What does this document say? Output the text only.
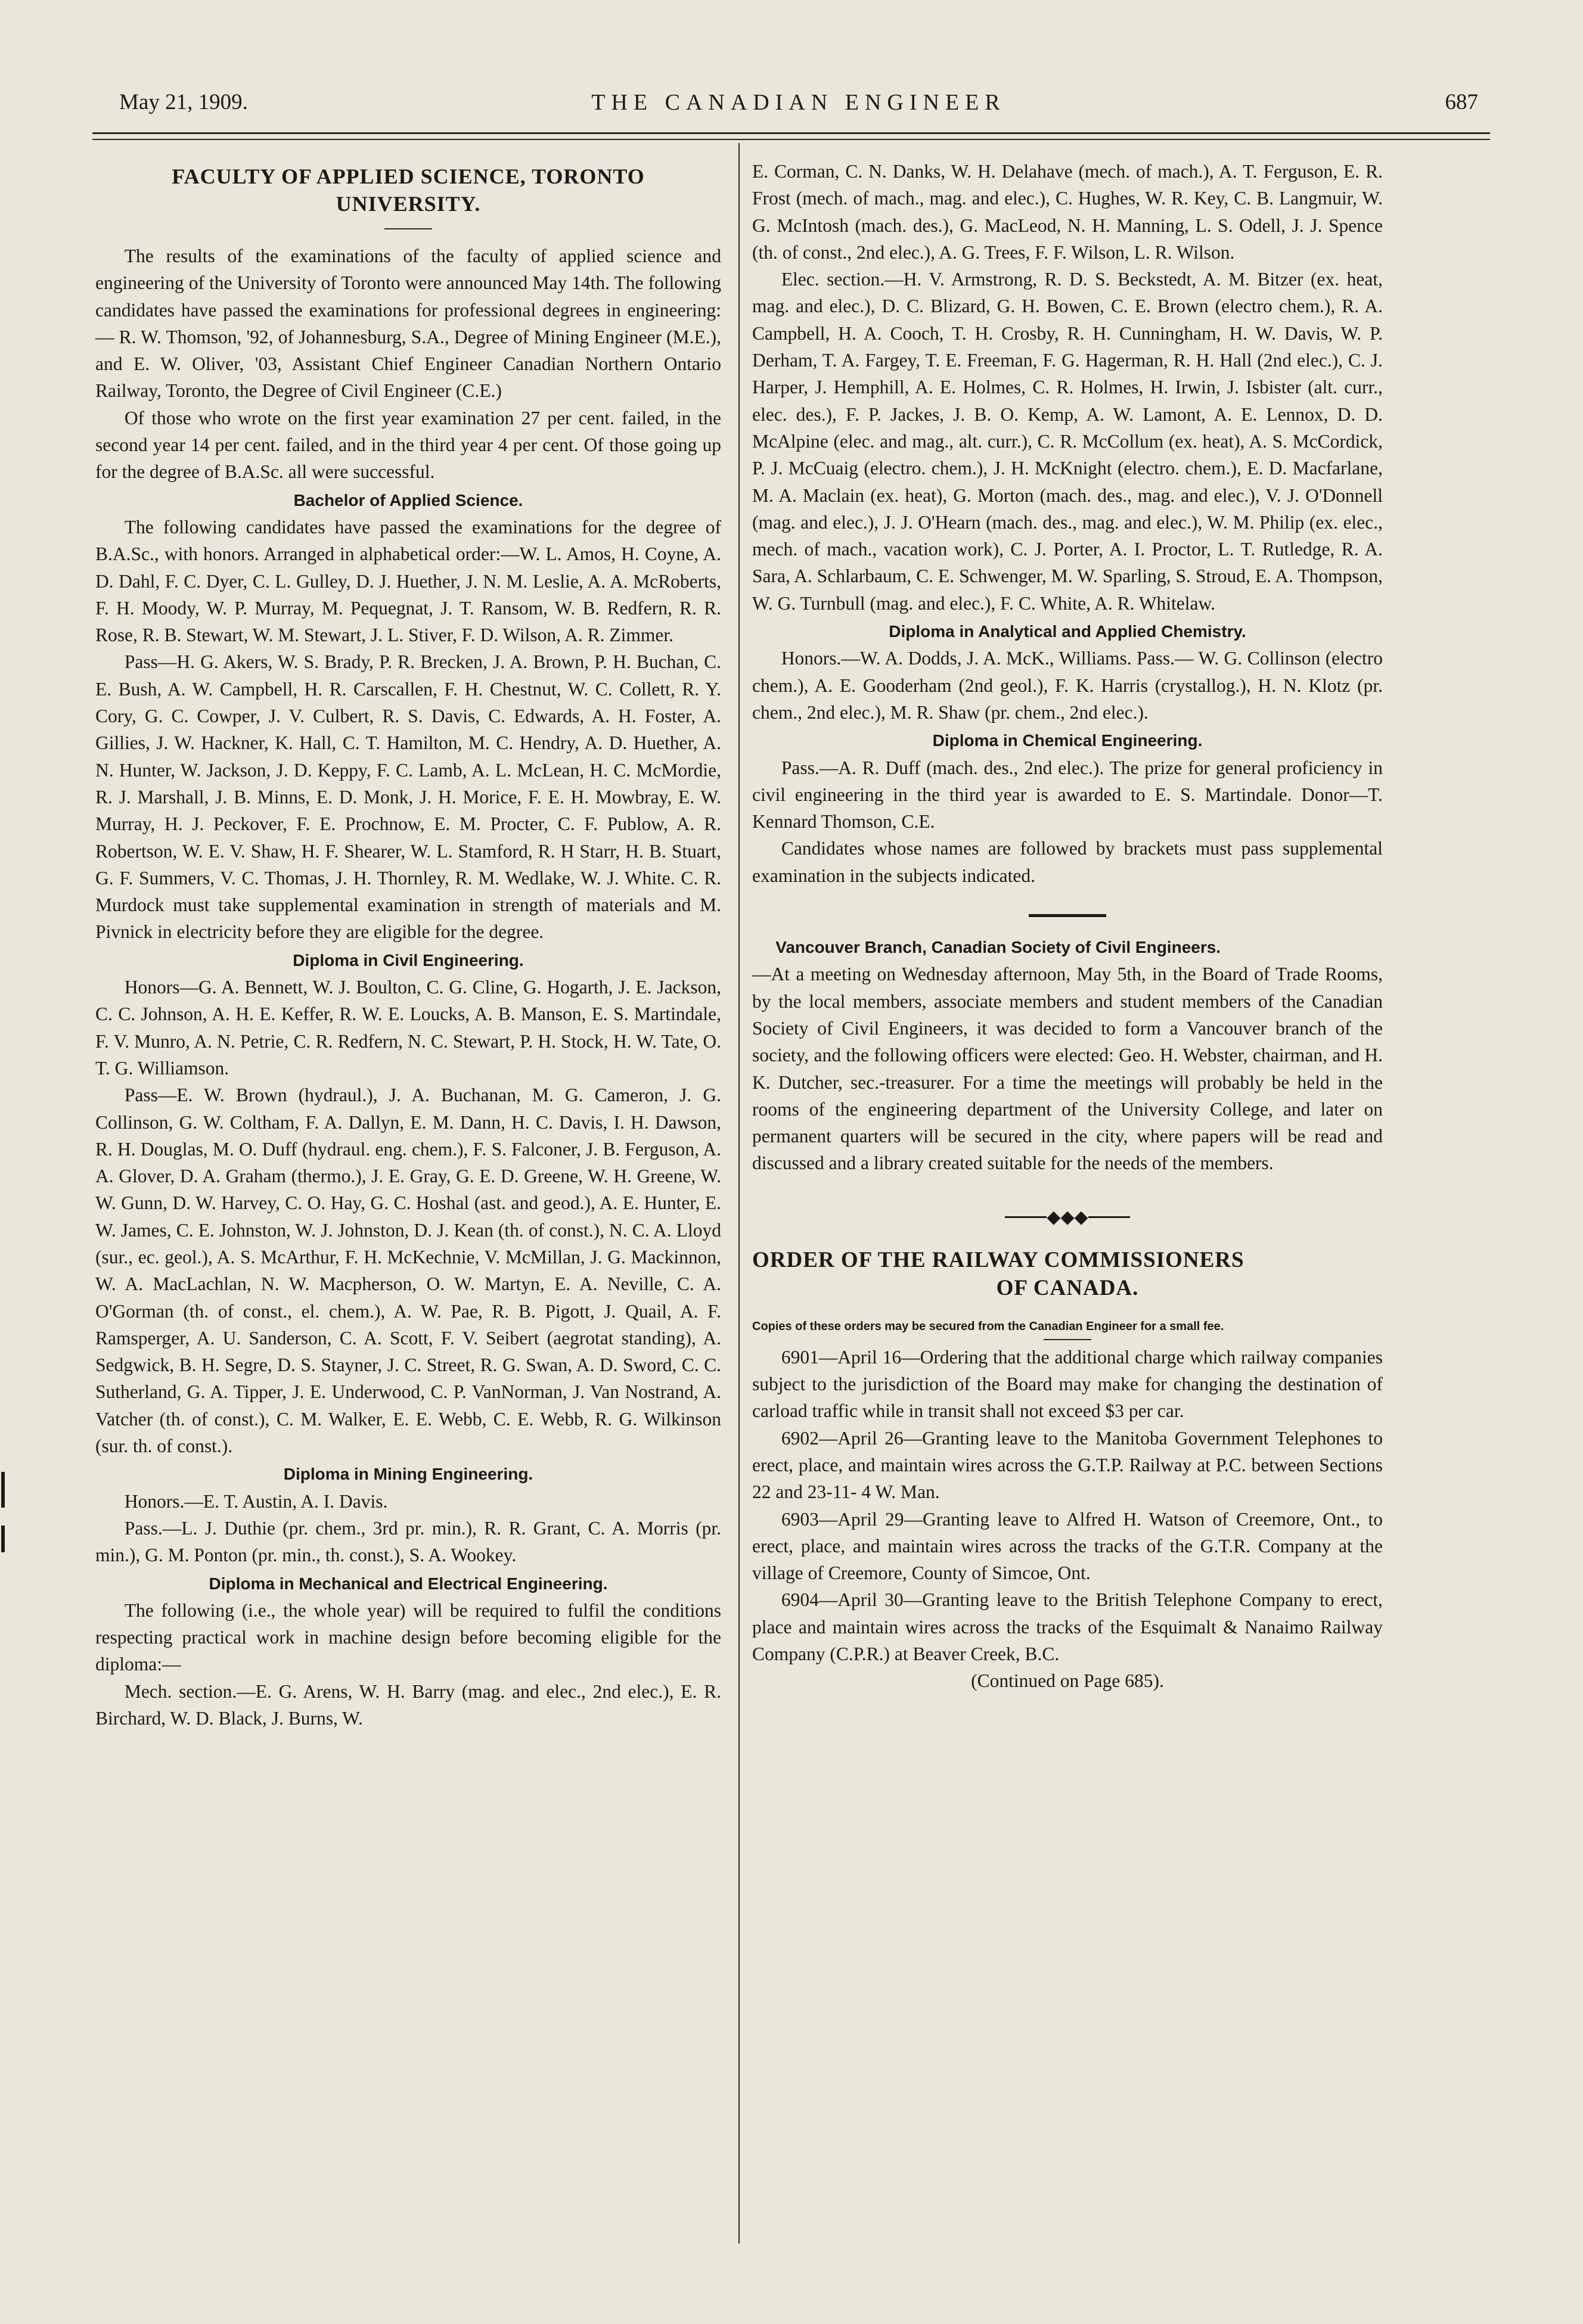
May 21, 1909.	THE CANADIAN ENGINEER	687
FACULTY OF APPLIED SCIENCE, TORONTO
UNIVERSITY.

The results of the examinations of the faculty of applied science and engineering of the University of Toronto were announced May 14th. The following candidates have passed the examinations for professional degrees in engineering:— R. W. Thomson, '92, of Johannesburg, S.A., Degree of Mining Engineer (M.E.), and E. W. Oliver, '03, Assistant Chief Engineer Canadian Northern Ontario Railway, Toronto, the Degree of Civil Engineer (C.E.)

Of those who wrote on the first year examination 27 per cent. failed, in the second year 14 per cent. failed, and in the third year 4 per cent. Of those going up for the degree of B.A.Sc. all were successful.

Bachelor of Applied Science.

The following candidates have passed the examinations for the degree of B.A.Sc., with honors. Arranged in alphabetical order:—W. L. Amos, H. Coyne, A. D. Dahl, F. C. Dyer, C. L. Gulley, D. J. Huether, J. N. M. Leslie, A. A. McRoberts, F. H. Moody, W. P. Murray, M. Pequegnat, J. T. Ransom, W. B. Redfern, R. R. Rose, R. B. Stewart, W. M. Stewart, J. L. Stiver, F. D. Wilson, A. R. Zimmer.

Pass—H. G. Akers, W. S. Brady, P. R. Brecken, J. A. Brown, P. H. Buchan, C. E. Bush, A. W. Campbell, H. R. Carscallen, F. H. Chestnut, W. C. Collett, R. Y. Cory, G. C. Cowper, J. V. Culbert, R. S. Davis, C. Edwards, A. H. Foster, A. Gillies, J. W. Hackner, K. Hall, C. T. Hamilton, M. C. Hendry, A. D. Huether, A. N. Hunter, W. Jackson, J. D. Keppy, F. C. Lamb, A. L. McLean, H. C. McMordie, R. J. Marshall, J. B. Minns, E. D. Monk, J. H. Morice, F. E. H. Mowbray, E. W. Murray, H. J. Peckover, F. E. Prochnow, E. M. Procter, C. F. Publow, A. R. Robertson, W. E. V. Shaw, H. F. Shearer, W. L. Stamford, R. H Starr, H. B. Stuart, G. F. Summers, V. C. Thomas, J. H. Thornley, R. M. Wedlake, W. J. White. C. R. Murdock must take supplemental examination in strength of materials and M. Pivnick in electricity before they are eligible for the degree.

Diploma in Civil Engineering.

Honors—G. A. Bennett, W. J. Boulton, C. G. Cline, G. Hogarth, J. E. Jackson, C. C. Johnson, A. H. E. Keffer, R. W. E. Loucks, A. B. Manson, E. S. Martindale, F. V. Munro, A. N. Petrie, C. R. Redfern, N. C. Stewart, P. H. Stock, H. W. Tate, O. T. G. Williamson.

Pass—E. W. Brown (hydraul.), J. A. Buchanan, M. G. Cameron, J. G. Collinson, G. W. Coltham, F. A. Dallyn, E. M. Dann, H. C. Davis, I. H. Dawson, R. H. Douglas, M. O. Duff (hydraul. eng. chem.), F. S. Falconer, J. B. Ferguson, A. A. Glover, D. A. Graham (thermo.), J. E. Gray, G. E. D. Greene, W. H. Greene, W. W. Gunn, D. W. Harvey, C. O. Hay, G. C. Hoshal (ast. and geod.), A. E. Hunter, E. W. James, C. E. Johnston, W. J. Johnston, D. J. Kean (th. of const.), N. C. A. Lloyd (sur., ec. geol.), A. S. McArthur, F. H. McKechnie, V. McMillan, J. G. Mackinnon, W. A. MacLachlan, N. W. Macpherson, O. W. Martyn, E. A. Neville, C. A. O'Gorman (th. of const., el. chem.), A. W. Pae, R. B. Pigott, J. Quail, A. F. Ramsperger, A. U. Sanderson, C. A. Scott, F. V. Seibert (aegrotat standing), A. Sedgwick, B. H. Segre, D. S. Stayner, J. C. Street, R. G. Swan, A. D. Sword, C. C. Sutherland, G. A. Tipper, J. E. Underwood, C. P. VanNorman, J. Van Nostrand, A. Vatcher (th. of const.), C. M. Walker, E. E. Webb, C. E. Webb, R. G. Wilkinson (sur. th. of const.).

Diploma in Mining Engineering.

Honors.—E. T. Austin, A. I. Davis.

Pass.—L. J. Duthie (pr. chem., 3rd pr. min.), R. R. Grant, C. A. Morris (pr. min.), G. M. Ponton (pr. min., th. const.), S. A. Wookey.

Diploma in Mechanical and Electrical Engineering.

The following (i.e., the whole year) will be required to fulfil the conditions respecting practical work in machine design before becoming eligible for the diploma:—

Mech. section.—E. G. Arens, W. H. Barry (mag. and elec., 2nd elec.), E. R. Birchard, W. D. Black, J. Burns, W.

E. Corman, C. N. Danks, W. H. Delahave (mech. of mach.), A. T. Ferguson, E. R. Frost (mech. of mach., mag. and elec.), C. Hughes, W. R. Key, C. B. Langmuir, W. G. McIntosh (mach. des.), G. MacLeod, N. H. Manning, L. S. Odell, J. J. Spence (th. of const., 2nd elec.), A. G. Trees, F. F. Wilson, L. R. Wilson.

Elec. section.—H. V. Armstrong, R. D. S. Beckstedt, A. M. Bitzer (ex. heat, mag. and elec.), D. C. Blizard, G. H. Bowen, C. E. Brown (electro chem.), R. A. Campbell, H. A. Cooch, T. H. Crosby, R. H. Cunningham, H. W. Davis, W. P. Derham, T. A. Fargey, T. E. Freeman, F. G. Hagerman, R. H. Hall (2nd elec.), C. J. Harper, J. Hemphill, A. E. Holmes, C. R. Holmes, H. Irwin, J. Isbister (alt. curr., elec. des.), F. P. Jackes, J. B. O. Kemp, A. W. Lamont, A. E. Lennox, D. D. McAlpine (elec. and mag., alt. curr.), C. R. McCollum (ex. heat), A. S. McCordick, P. J. McCuaig (electro. chem.), J. H. McKnight (electro. chem.), E. D. Macfarlane, M. A. Maclain (ex. heat), G. Morton (mach. des., mag. and elec.), V. J. O'Donnell (mag. and elec.), J. J. O'Hearn (mach. des., mag. and elec.), W. M. Philip (ex. elec., mech. of mach., vacation work), C. J. Porter, A. I. Proctor, L. T. Rutledge, R. A. Sara, A. Schlarbaum, C. E. Schwenger, M. W. Sparling, S. Stroud, E. A. Thompson, W. G. Turnbull (mag. and elec.), F. C. White, A. R. Whitelaw.

Diploma in Analytical and Applied Chemistry.

Honors.—W. A. Dodds, J. A. McK., Williams. Pass.— W. G. Collinson (electro chem.), A. E. Gooderham (2nd geol.), F. K. Harris (crystallog.), H. N. Klotz (pr. chem., 2nd elec.), M. R. Shaw (pr. chem., 2nd elec.).

Diploma in Chemical Engineering.

Pass.—A. R. Duff (mach. des., 2nd elec.). The prize for general proficiency in civil engineering in the third year is awarded to E. S. Martindale. Donor—T. Kennard Thomson, C.E.

Candidates whose names are followed by brackets must pass supplemental examination in the subjects indicated.

Vancouver Branch, Canadian Society of Civil Engineers.

—At a meeting on Wednesday afternoon, May 5th, in the Board of Trade Rooms, by the local members, associate members and student members of the Canadian Society of Civil Engineers, it was decided to form a Vancouver branch of the society, and the following officers were elected: Geo. H. Webster, chairman, and H. K. Dutcher, sec.-treasurer. For a time the meetings will probably be held in the rooms of the engineering department of the University College, and later on permanent quarters will be secured in the city, where papers will be read and discussed and a library created suitable for the needs of the members.

◆◆◆
ORDER OF THE RAILWAY COMMISSIONERS
OF CANADA.
Copies of these orders may be secured from the Canadian Engineer for a small fee.

6901—April 16—Ordering that the additional charge which railway companies subject to the jurisdiction of the Board may make for changing the destination of carload traffic while in transit shall not exceed $3 per car.

6902—April 26—Granting leave to the Manitoba Government Telephones to erect, place, and maintain wires across the G.T.P. Railway at P.C. between Sections 22 and 23-11- 4 W. Man.

6903—April 29—Granting leave to Alfred H. Watson of Creemore, Ont., to erect, place, and maintain wires across the tracks of the G.T.R. Company at the village of Creemore, County of Simcoe, Ont.

6904—April 30—Granting leave to the British Telephone Company to erect, place and maintain wires across the tracks of the Esquimalt & Nanaimo Railway Company (C.P.R.) at Beaver Creek, B.C.

(Continued on Page 685).
